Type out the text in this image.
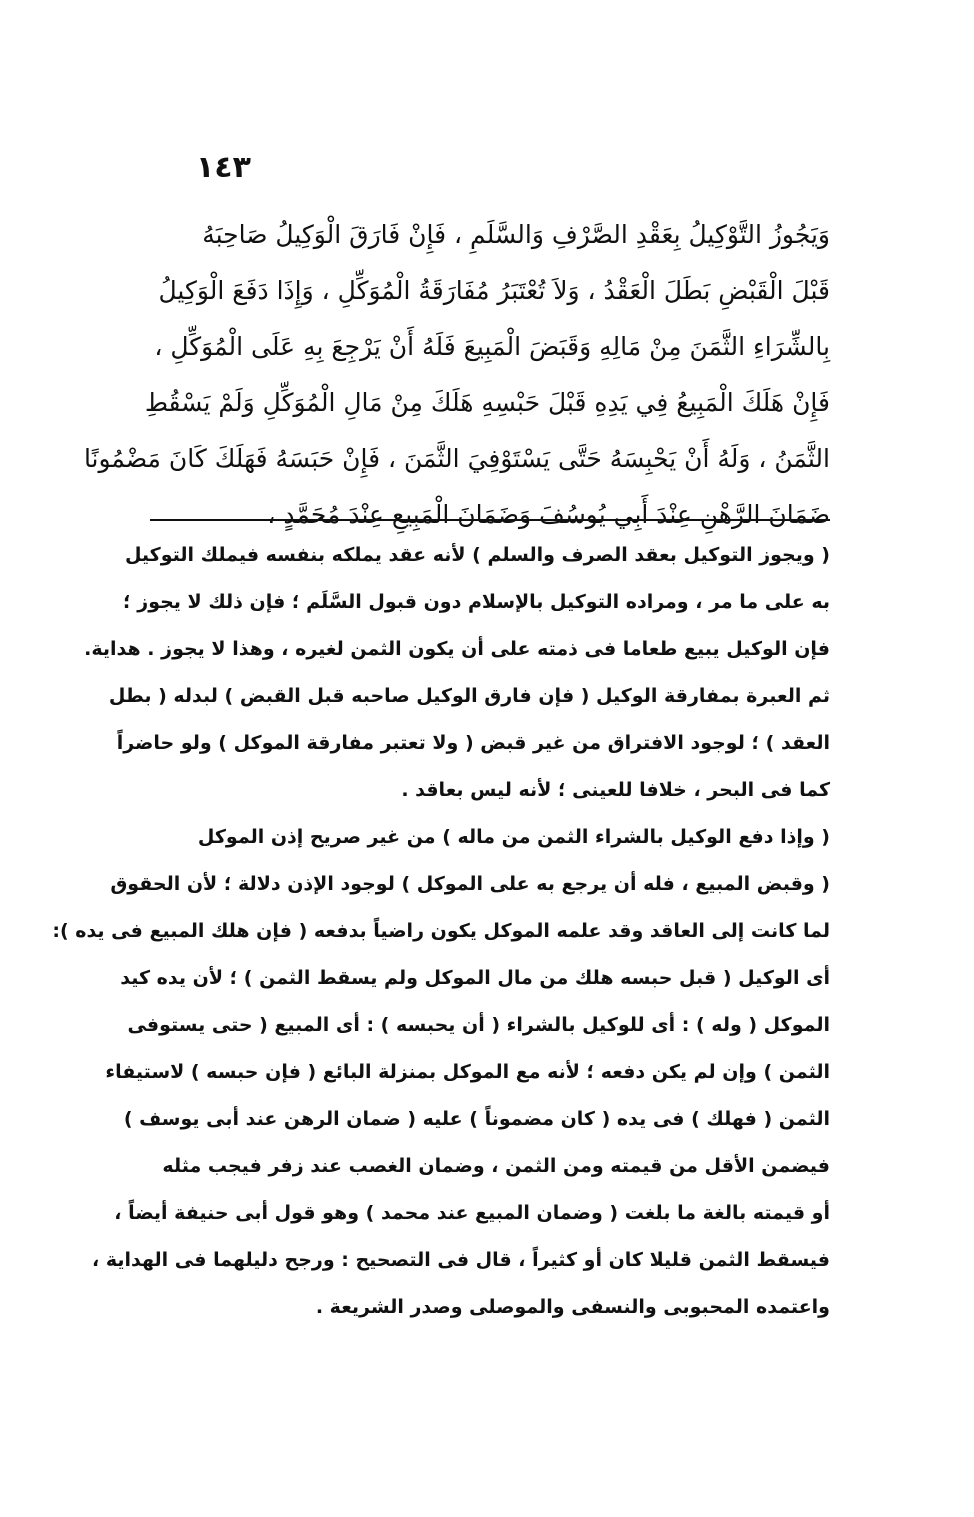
١٤٣
وَيَجُوزُ التَّوْكِيلُ بِعَقْدِ الصَّرْفِ وَالسَّلَمِ ، فَإِنْ فَارَقَ الْوَكِيلُ صَاحِبَهُ
قَبْلَ الْقَبْضِ بَطَلَ الْعَقْدُ ، وَلاَ تُعْتَبَرُ مُفَارَقَةُ الْمُوَكِّلِ ، وَإِذَا دَفَعَ الْوَكِيلُ
بِالشِّرَاءِ الثَّمَنَ مِنْ مَالِهِ وَقَبَضَ الْمَبِيعَ فَلَهُ أَنْ يَرْجِعَ بِهِ عَلَى الْمُوَكِّلِ ،
فَإِنْ هَلَكَ الْمَبِيعُ فِي يَدِهِ قَبْلَ حَبْسِهِ هَلَكَ مِنْ مَالِ الْمُوَكِّلِ وَلَمْ يَسْقُطِ
الثَّمَنُ ، وَلَهُ أَنْ يَحْبِسَهُ حَتَّى يَسْتَوْفِيَ الثَّمَنَ ، فَإِنْ حَبَسَهُ فَهَلَكَ كَانَ مَضْمُونًا
ضَمَانَ الرَّهْنِ عِنْدَ أَبِي يُوسُفَ وَضَمَانَ الْمَبِيعِ عِنْدَ مُحَمَّدٍ ،
( ويجوز التوكيل بعقد الصرف والسلم ) لأنه عقد يملكه بنفسه فيملك التوكيل
به على ما مر ، ومراده التوكيل بالإسلام دون قبول السَّلَم ؛ فإن ذلك لا يجوز ؛
فإن الوكيل يبيع طعاما فى ذمته على أن يكون الثمن لغيره ، وهذا لا يجوز . هداية.
ثم العبرة بمفارقة الوكيل ( فإن فارق الوكيل صاحبه قبل القبض ) لبدله ( بطل
العقد ) ؛ لوجود الافتراق من غير قبض ( ولا تعتبر مفارقة الموكل ) ولو حاضراً
كما فى البحر ، خلافا للعينى ؛ لأنه ليس بعاقد .
( وإذا دفع الوكيل بالشراء الثمن من ماله ) من غير صريح إذن الموكل
( وقبض المبيع ، فله أن يرجع به على الموكل ) لوجود الإذن دلالة ؛ لأن الحقوق
لما كانت إلى العاقد وقد علمه الموكل يكون راضياً بدفعه ( فإن هلك المبيع فى يده ):
أى الوكيل ( قبل حبسه هلك من مال الموكل ولم يسقط الثمن ) ؛ لأن يده كيد
الموكل ( وله ) : أى للوكيل بالشراء ( أن يحبسه ) : أى المبيع ( حتى يستوفى
الثمن ) وإن لم يكن دفعه ؛ لأنه مع الموكل بمنزلة البائع ( فإن حبسه ) لاستيفاء
الثمن ( فهلك ) فى يده ( كان مضموناً ) عليه ( ضمان الرهن عند أبى يوسف )
فيضمن الأقل من قيمته ومن الثمن ، وضمان الغصب عند زفر فيجب مثله
أو قيمته بالغة ما بلغت ( وضمان المبيع عند محمد ) وهو قول أبى حنيفة أيضاً ،
فيسقط الثمن قليلا كان أو كثيراً ، قال فى التصحيح : ورجح دليلهما فى الهداية ،
واعتمده المحبوبى والنسفى والموصلى وصدر الشريعة .
